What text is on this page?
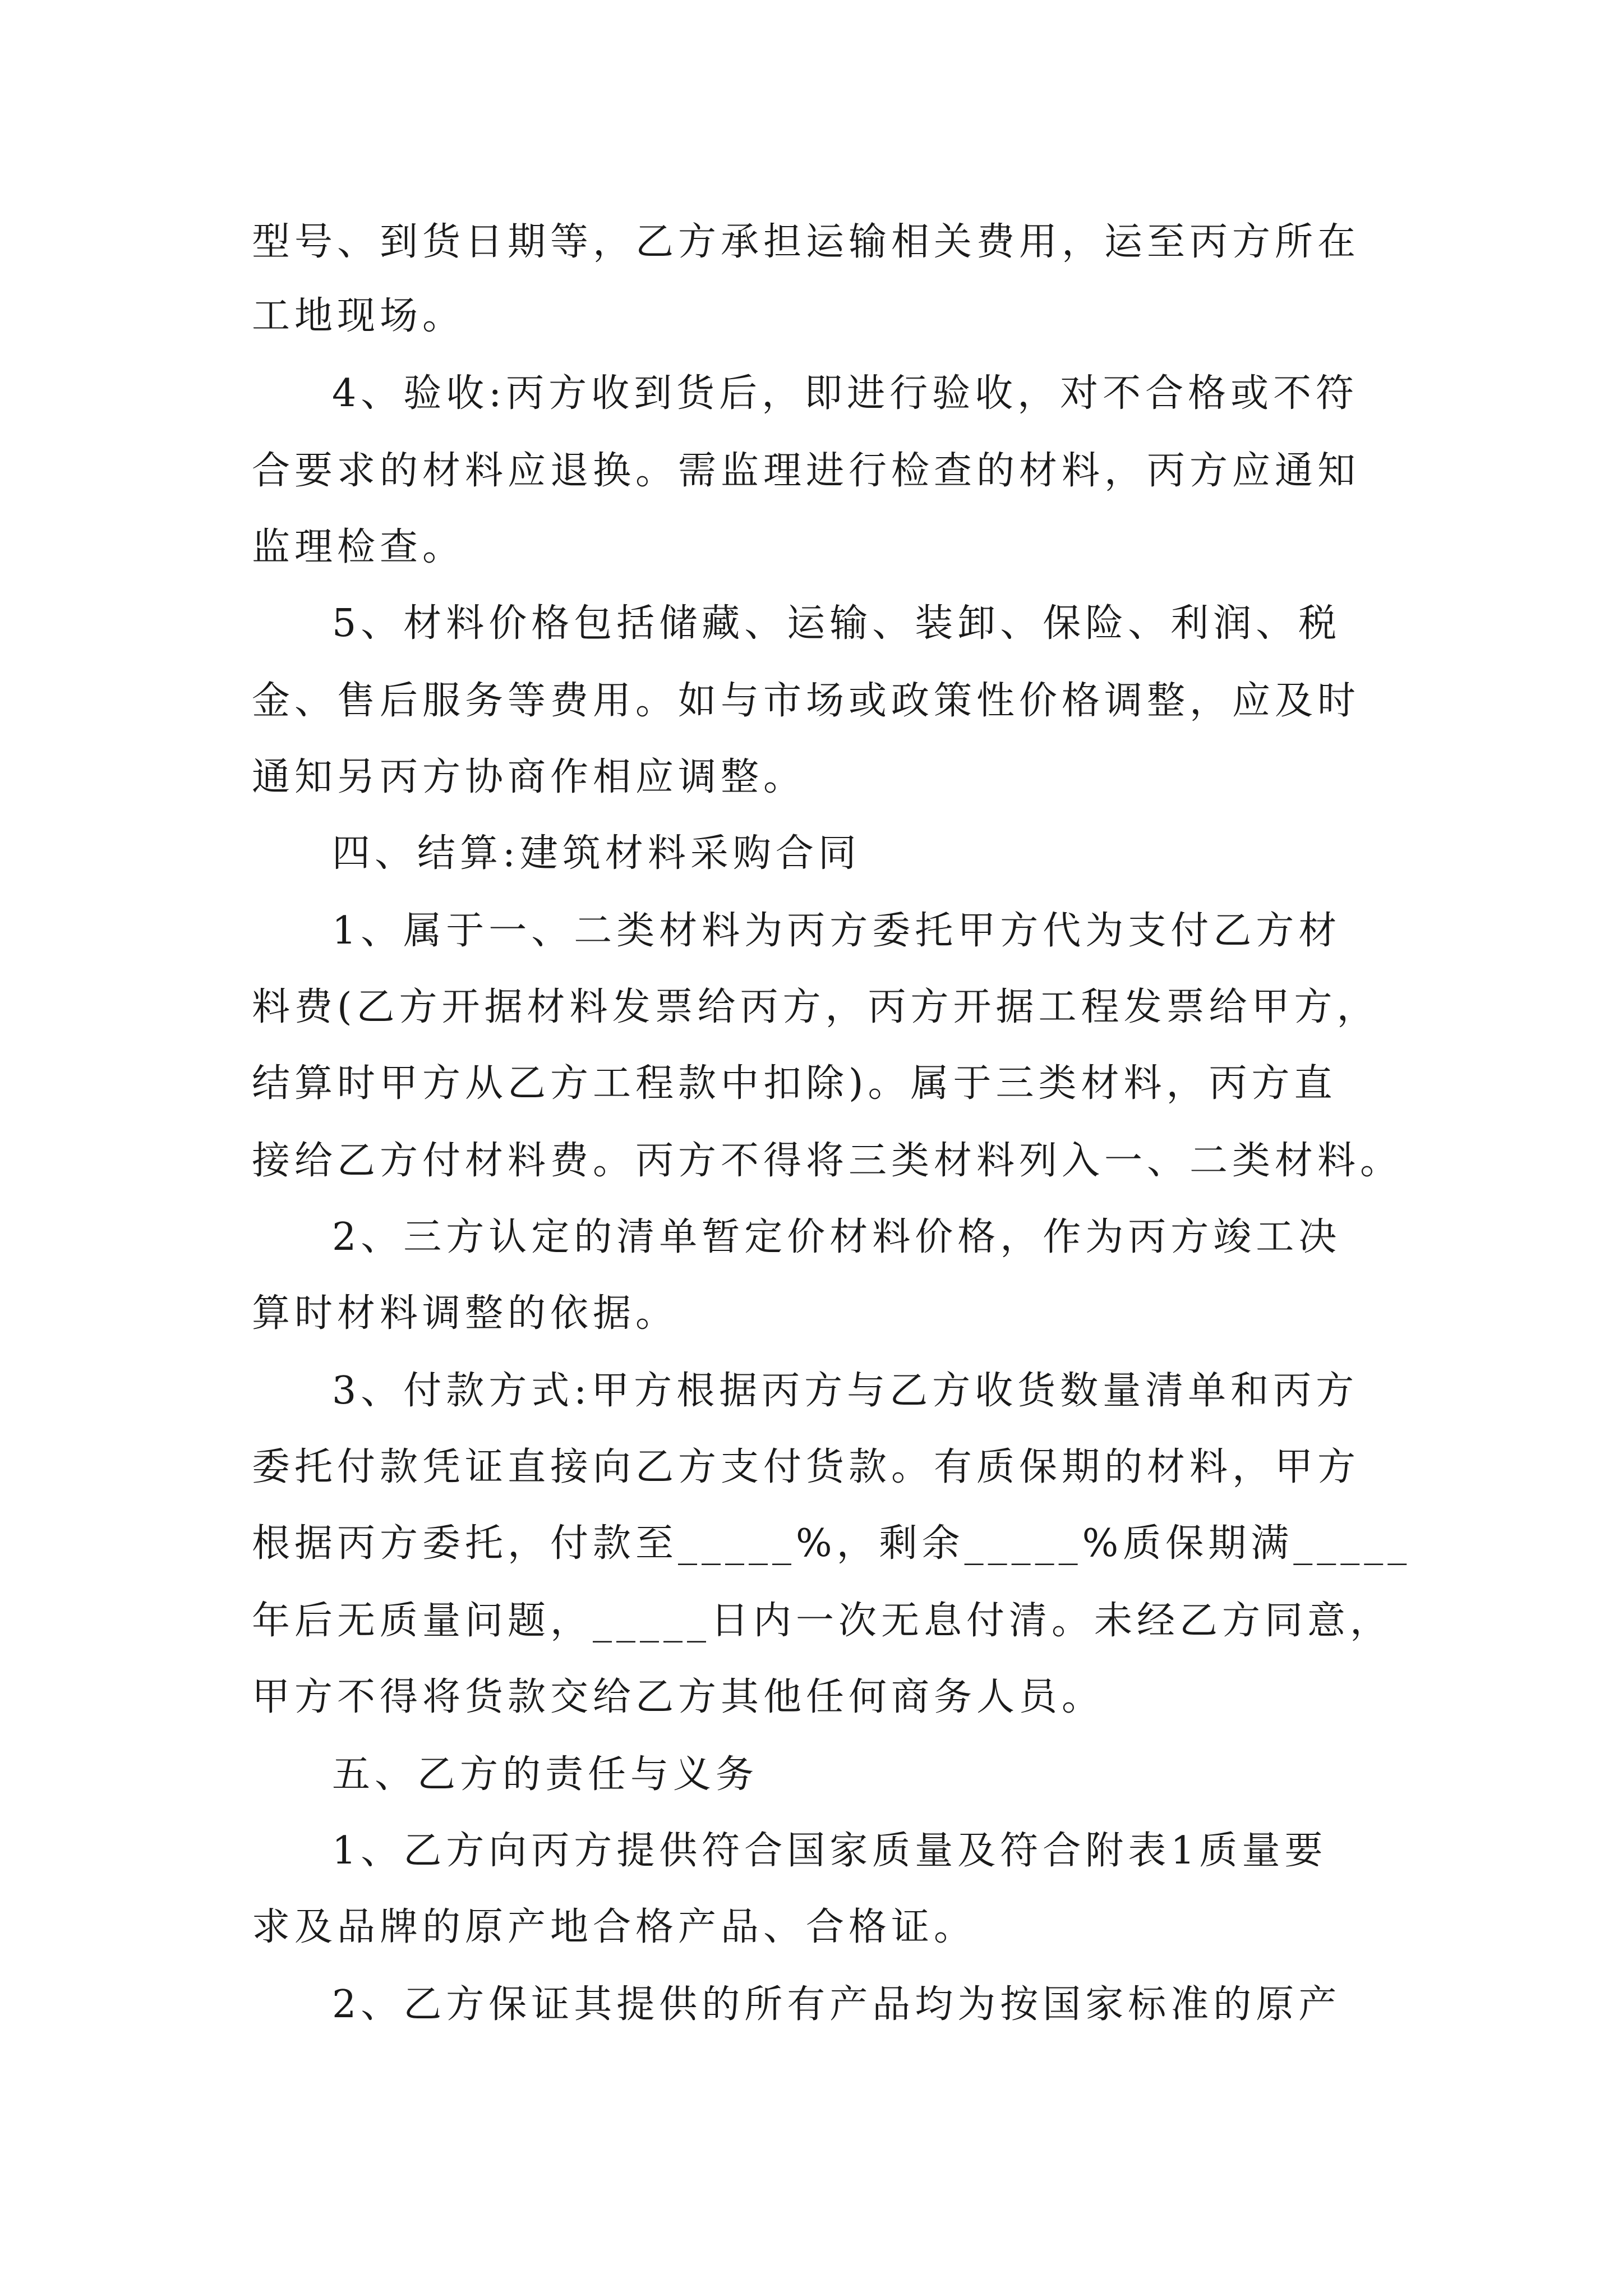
型号、到货日期等，乙方承担运输相关费用，运至丙方所在
工地现场。
4、验收:丙方收到货后，即进行验收，对不合格或不符
合要求的材料应退换。需监理进行检查的材料，丙方应通知
监理检查。
5、材料价格包括储藏、运输、装卸、保险、利润、税
金、售后服务等费用。如与市场或政策性价格调整，应及时
通知另丙方协商作相应调整。
四、结算:建筑材料采购合同
1、属于一、二类材料为丙方委托甲方代为支付乙方材
料费(乙方开据材料发票给丙方，丙方开据工程发票给甲方，
结算时甲方从乙方工程款中扣除)。属于三类材料，丙方直
接给乙方付材料费。丙方不得将三类材料列入一、二类材料。
2、三方认定的清单暂定价材料价格，作为丙方竣工决
算时材料调整的依据。
3、付款方式:甲方根据丙方与乙方收货数量清单和丙方
委托付款凭证直接向乙方支付货款。有质保期的材料，甲方
根据丙方委托，付款至_____%，剩余_____%质保期满_____
年后无质量问题，_____日内一次无息付清。未经乙方同意，
甲方不得将货款交给乙方其他任何商务人员。
五、乙方的责任与义务
1、乙方向丙方提供符合国家质量及符合附表1质量要
求及品牌的原产地合格产品、合格证。
2、乙方保证其提供的所有产品均为按国家标准的原产
